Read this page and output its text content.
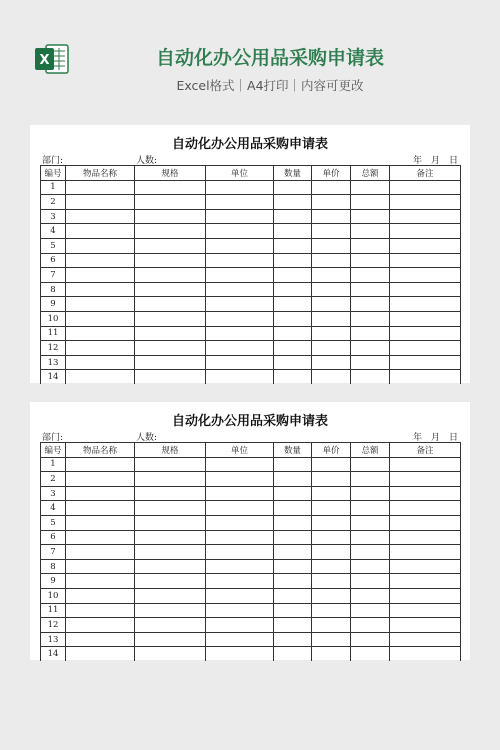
X	自动化办公用品采购申请表
Excel格式｜A4打印｜内容可更改
自动化办公用品采购申请表
部门:	人数:	年　月　日
编号	物品名称	规格	单位	数量	单价	总额	备注
1							
2							
3							
4							
5							
6							
7							
8							
9							
10							
11							
12							
13							
14							
自动化办公用品采购申请表
部门:	人数:	年　月　日
编号	物品名称	规格	单位	数量	单价	总额	备注
1							
2							
3							
4							
5							
6							
7							
8							
9							
10							
11							
12							
13							
14							
